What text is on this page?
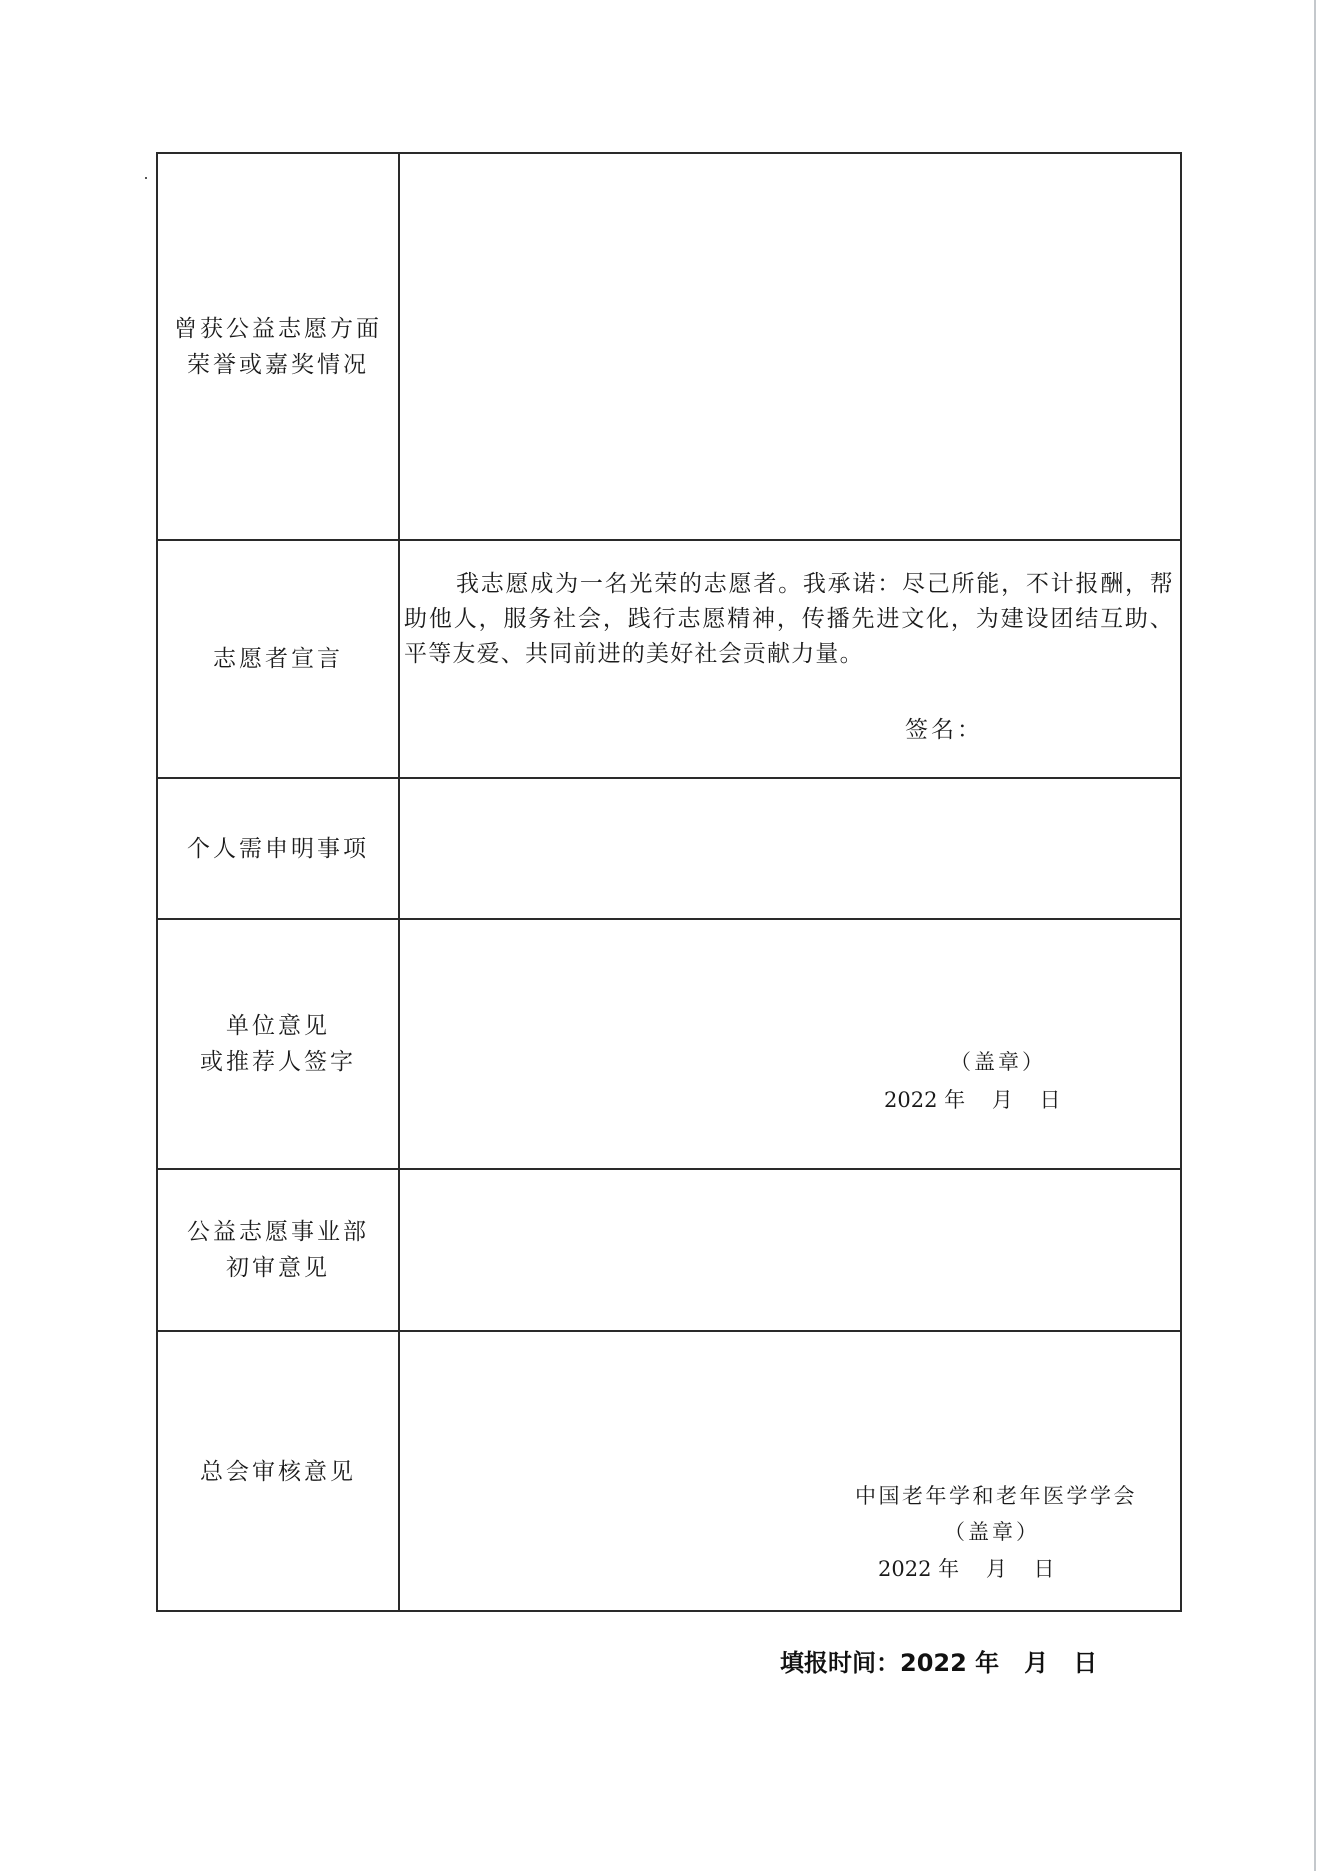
曾获公益志愿方面
荣誉或嘉奖情况
志愿者宣言
我志愿成为一名光荣的志愿者。我承诺：尽己所能，不计报酬，帮助他人，服务社会，践行志愿精神，传播先进文化，为建设团结互助、平等友爱、共同前进的美好社会贡献力量。
签名：
个人需申明事项
单位意见
或推荐人签字	（盖章）
2022 年    月    日
公益志愿事业部
初审意见
总会审核意见
中国老年学和老年医学学会
（盖章）
2022 年    月    日
填报时间：2022 年   月   日
